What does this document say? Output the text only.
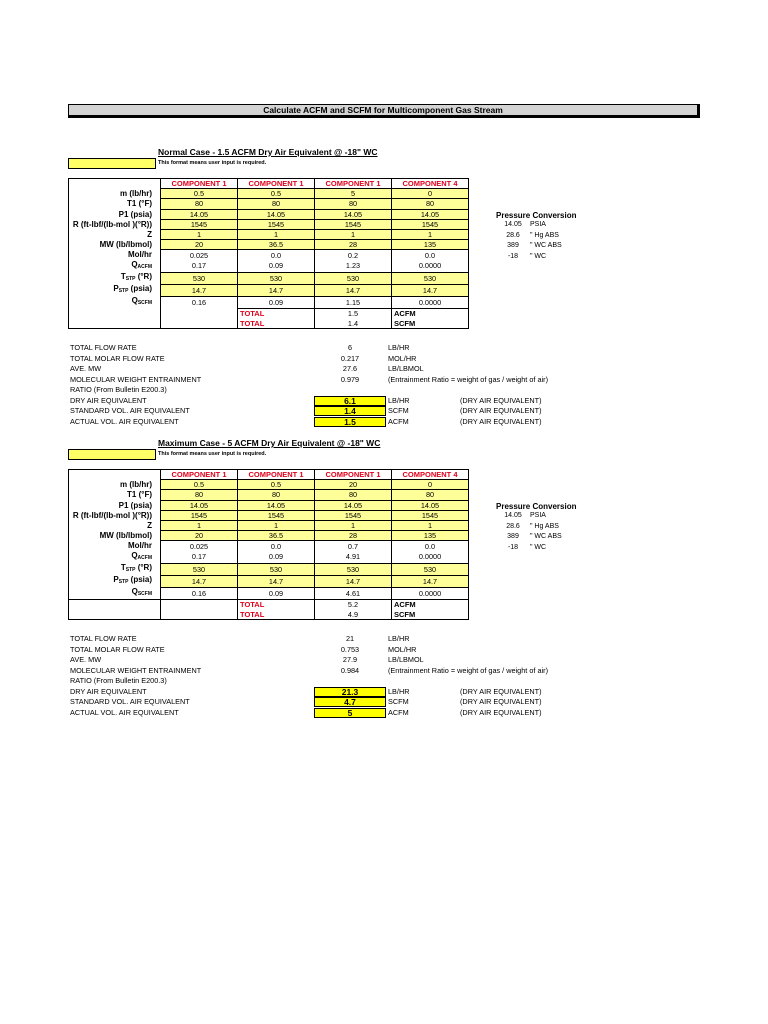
Calculate ACFM and SCFM for Multicomponent Gas Stream
Normal Case - 1.5 ACFM Dry Air Equivalent @ -18" WC
This format means user input is required.
	COMPONENT 1	COMPONENT 1	COMPONENT 1	COMPONENT 4
m (lb/hr)	0.5	0.5	5	0
T1 (°F)	80	80	80	80
P1 (psia)	14.05	14.05	14.05	14.05
R (ft-lbf/(lb-mol )(°R))	1545	1545	1545	1545
Z	1	1	1	1
MW (lb/lbmol)	20	36.5	28	135
Mol/hr	0.025	0.0	0.2	0.0
$Q_{ACFM}$	0.17	0.09	1.23	0.0000
$T_{STP}$ (°R)	530	530	530	530
$P_{STP}$ (psia)	14.7	14.7	14.7	14.7
$Q_{SCFM}$	0.16	0.09	1.15	0.0000
		TOTAL	1.5	ACFM
		TOTAL	1.4	SCFM
Pressure Conversion
14.05	PSIA
28.6	" Hg ABS
389	" WC ABS
-18	" WC
TOTAL FLOW RATE	6	LB/HR
TOTAL MOLAR FLOW RATE	0.217	MOL/HR
AVE. MW	27.6	LB/LBMOL
MOLECULAR WEIGHT ENTRAINMENT	0.979	(Entrainment Ratio = weight of gas / weight of air)
RATIO (From Bulletin E200.3)
DRY AIR EQUIVALENT	6.1	LB/HR	(DRY AIR EQUIVALENT)
STANDARD VOL. AIR EQUIVALENT	1.4	SCFM	(DRY AIR EQUIVALENT)
ACTUAL VOL. AIR EQUIVALENT	1.5	ACFM	(DRY AIR EQUIVALENT)
Maximum Case - 5 ACFM Dry Air Equivalent @ -18" WC
This format means user input is required.
	COMPONENT 1	COMPONENT 1	COMPONENT 1	COMPONENT 4
m (lb/hr)	0.5	0.5	20	0
T1 (°F)	80	80	80	80
P1 (psia)	14.05	14.05	14.05	14.05
R (ft-lbf/(lb-mol )(°R))	1545	1545	1545	1545
Z	1	1	1	1
MW (lb/lbmol)	20	36.5	28	135
Mol/hr	0.025	0.0	0.7	0.0
$Q_{ACFM}$	0.17	0.09	4.91	0.0000
$T_{STP}$ (°R)	530	530	530	530
$P_{STP}$ (psia)	14.7	14.7	14.7	14.7
$Q_{SCFM}$	0.16	0.09	4.61	0.0000
		TOTAL	5.2	ACFM
		TOTAL	4.9	SCFM
Pressure Conversion
14.05	PSIA
28.6	" Hg ABS
389	" WC ABS
-18	" WC
TOTAL FLOW RATE	21	LB/HR
TOTAL MOLAR FLOW RATE	0.753	MOL/HR
AVE. MW	27.9	LB/LBMOL
MOLECULAR WEIGHT ENTRAINMENT	0.984	(Entrainment Ratio = weight of gas / weight of air)
RATIO (From Bulletin E200.3)
DRY AIR EQUIVALENT	21.3	LB/HR	(DRY AIR EQUIVALENT)
STANDARD VOL. AIR EQUIVALENT	4.7	SCFM	(DRY AIR EQUIVALENT)
ACTUAL VOL. AIR EQUIVALENT	5	ACFM	(DRY AIR EQUIVALENT)
